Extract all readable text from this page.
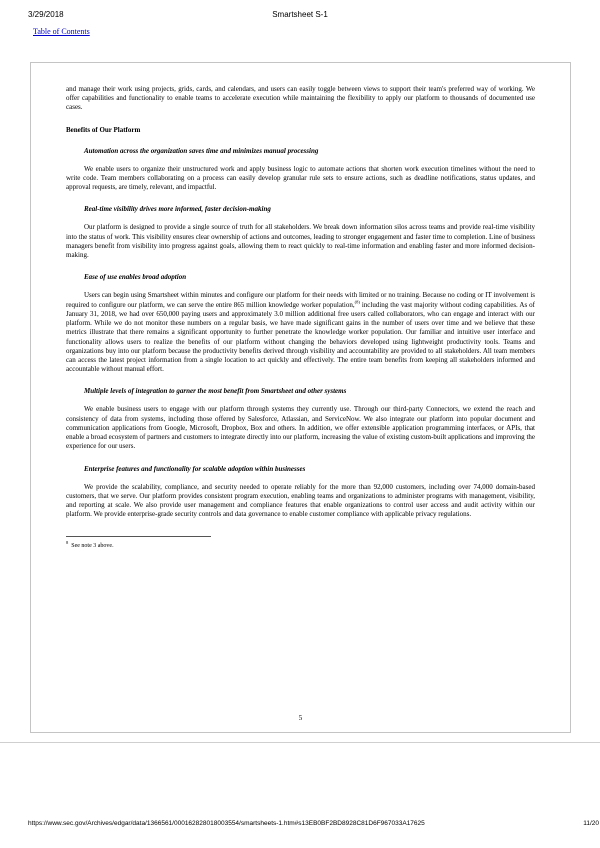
3/29/2018	Smartsheet S-1
Table of Contents

and manage their work using projects, grids, cards, and calendars, and users can easily toggle between views to support their team's preferred way of working. We offer capabilities and functionality to enable teams to accelerate execution while maintaining the flexibility to apply our platform to thousands of documented use cases.

Benefits of Our Platform
Automation across the organization saves time and minimizes manual processing

We enable users to organize their unstructured work and apply business logic to automate actions that shorten work execution timelines without the need to write code. Team members collaborating on a process can easily develop granular rule sets to ensure actions, such as deadline notifications, status updates, and approval requests, are timely, relevant, and impactful.

Real-time visibility drives more informed, faster decision-making

Our platform is designed to provide a single source of truth for all stakeholders. We break down information silos across teams and provide real-time visibility into the status of work. This visibility ensures clear ownership of actions and outcomes, leading to stronger engagement and faster time to completion. Line of business managers benefit from visibility into progress against goals, allowing them to react quickly to real-time information and enabling faster and more informed decision-making.

Ease of use enables broad adoption

Users can begin using Smartsheet within minutes and configure our platform for their needs with limited or no training. Because no coding or IT involvement is required to configure our platform, we can serve the entire 865 million knowledge worker population,$^{(8)}$ including the vast majority without coding capabilities. As of January 31, 2018, we had over 650,000 paying users and approximately 3.0 million additional free users called collaborators, who can engage and interact with our platform. While we do not monitor these numbers on a regular basis, we have made significant gains in the number of users over time and we believe that these metrics illustrate that there remains a significant opportunity to further penetrate the knowledge worker population. Our familiar and intuitive user interface and functionality allows users to realize the benefits of our platform without changing the behaviors developed using lightweight productivity tools. Teams and organizations buy into our platform because the productivity benefits derived through visibility and accountability are provided to all stakeholders. All team members can access the latest project information from a single location to act quickly and effectively. The entire team benefits from keeping all stakeholders informed and accountable without manual effort.

Multiple levels of integration to garner the most benefit from Smartsheet and other systems

We enable business users to engage with our platform through systems they currently use. Through our third-party Connectors, we extend the reach and consistency of data from systems, including those offered by Salesforce, Atlassian, and ServiceNow. We also integrate our platform into popular document and communication applications from Google, Microsoft, Dropbox, Box and others. In addition, we offer extensible application programming interfaces, or APIs, that enable a broad ecosystem of partners and customers to integrate directly into our platform, increasing the value of existing custom-built applications and improving the experience for our users.

Enterprise features and functionality for scalable adoption within businesses

We provide the scalability, compliance, and security needed to operate reliably for the more than 92,000 customers, including over 74,000 domain-based customers, that we serve. Our platform provides consistent program execution, enabling teams and organizations to administer programs with management, visibility, and reporting at scale. We also provide user management and compliance features that enable organizations to control user access and audit activity within our platform. We provide enterprise-grade security controls and data governance to enable customer compliance with applicable privacy regulations.

$^8$See note 3 above.

5
https://www.sec.gov/Archives/edgar/data/1366561/000162828018003554/smartsheets-1.htm#s13EB0BF2BD8928C81D6F967033A17625	11/20
